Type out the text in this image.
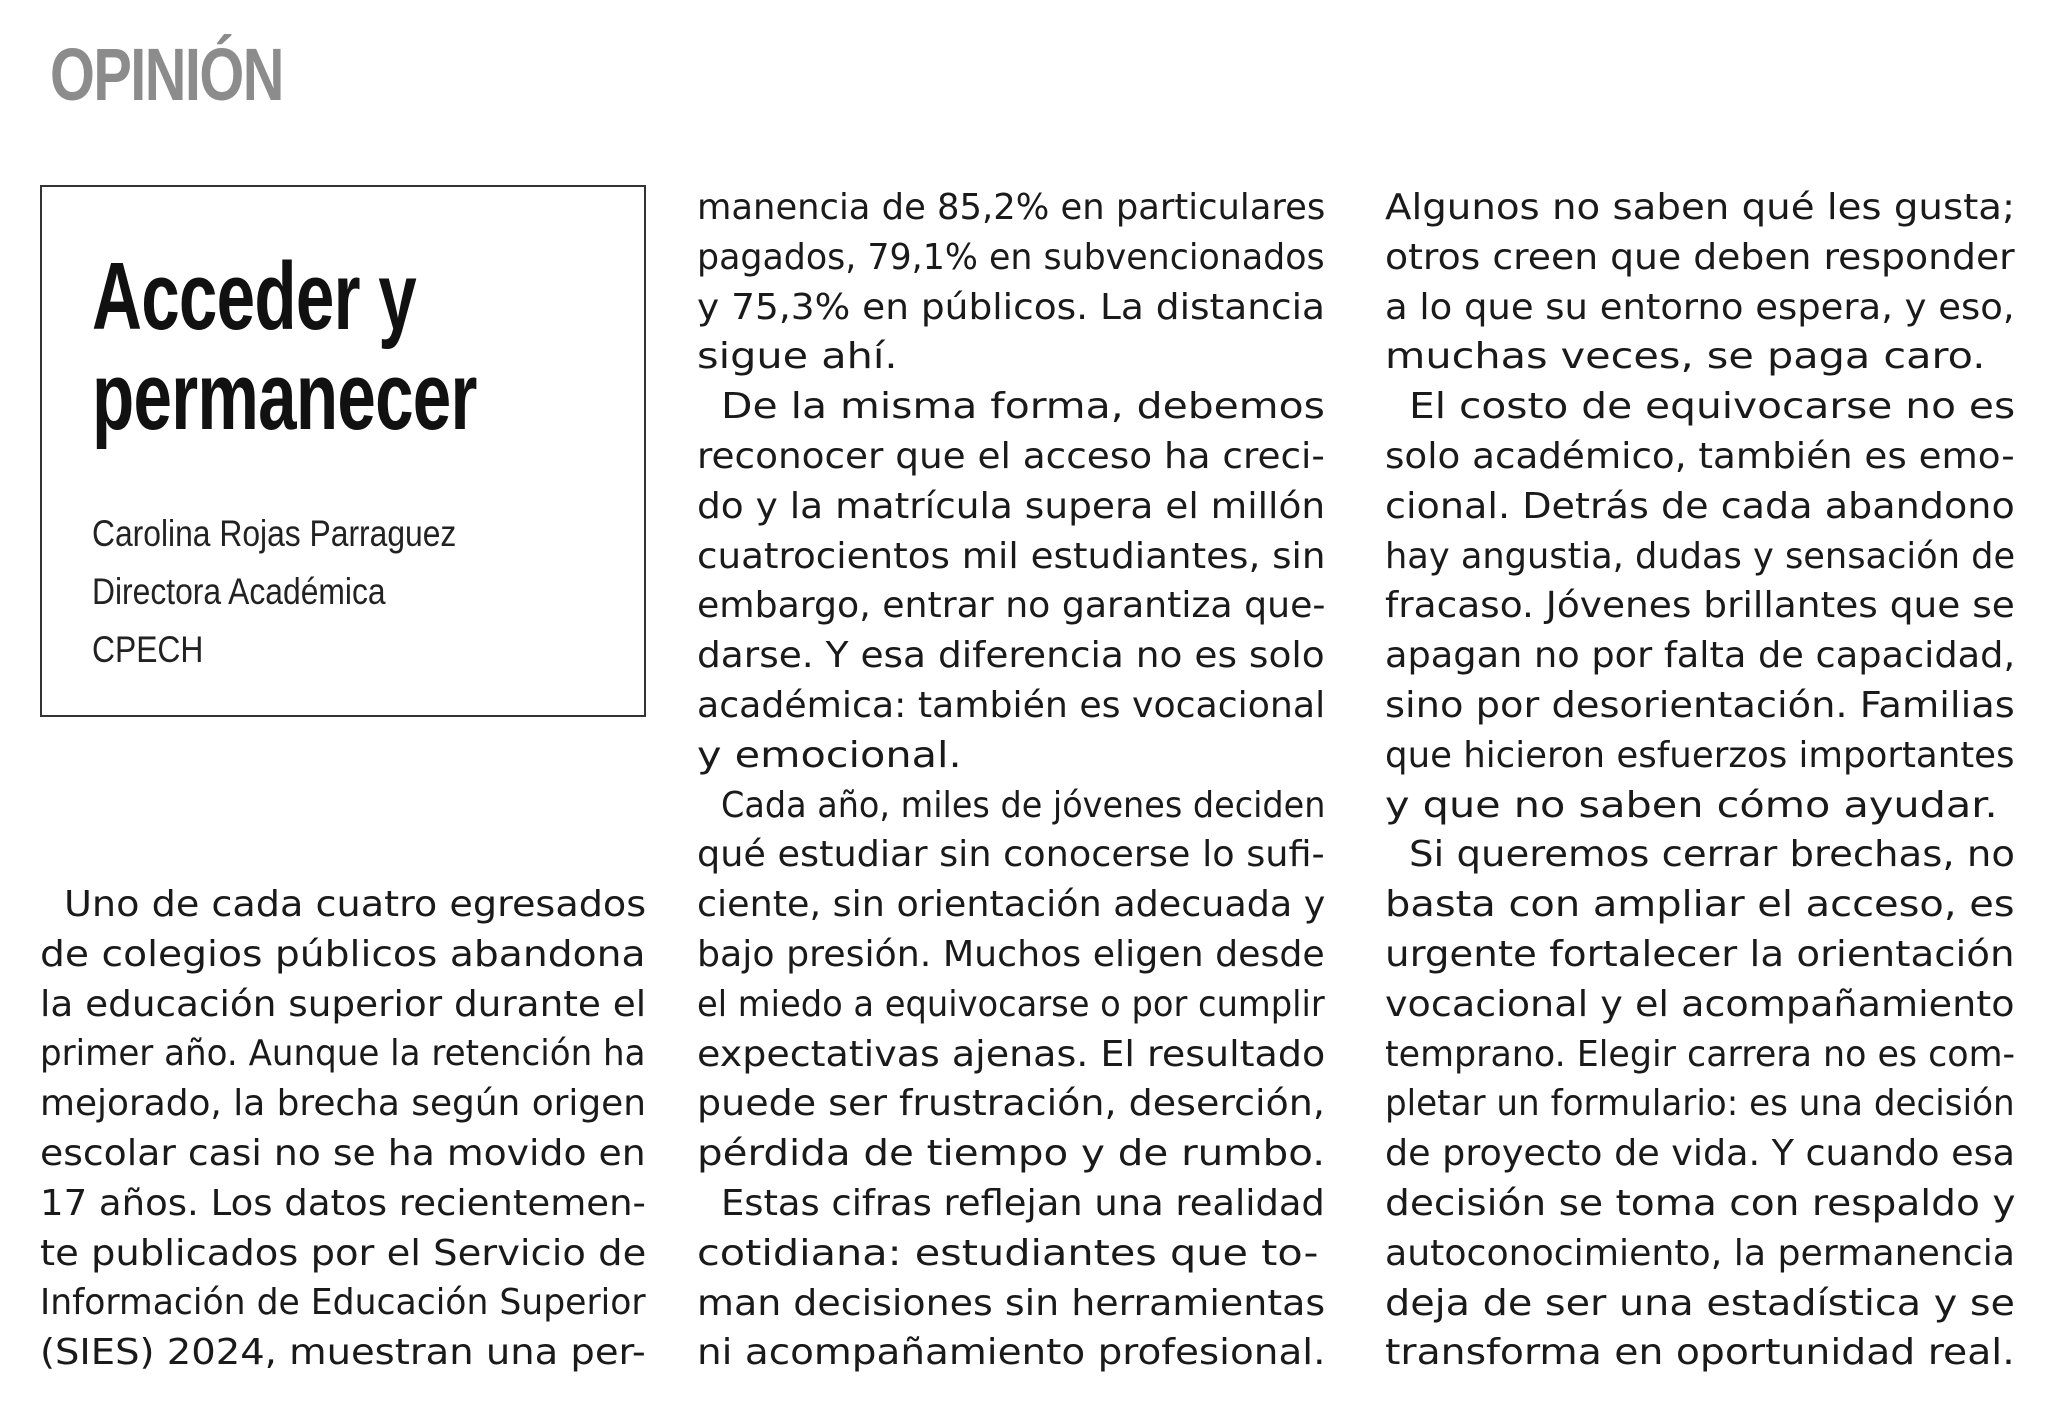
OPINIÓN
Acceder y
permanecer
Carolina Rojas Parraguez
Directora Académica
CPECH
Uno de cada cuatro egresados
de colegios públicos abandona
la educación superior durante el
primer año. Aunque la retención ha
mejorado, la brecha según origen
escolar casi no se ha movido en
17 años. Los datos recientemen-
te publicados por el Servicio de
Información de Educación Superior
(SIES) 2024, muestran una per-
manencia de 85,2% en particulares
pagados, 79,1% en subvencionados
y 75,3% en públicos. La distancia
sigue ahí.
De la misma forma, debemos
reconocer que el acceso ha creci-
do y la matrícula supera el millón
cuatrocientos mil estudiantes, sin
embargo, entrar no garantiza que-
darse. Y esa diferencia no es solo
académica: también es vocacional
y emocional.
Cada año, miles de jóvenes deciden
qué estudiar sin conocerse lo sufi-
ciente, sin orientación adecuada y
bajo presión. Muchos eligen desde
el miedo a equivocarse o por cumplir
expectativas ajenas. El resultado
puede ser frustración, deserción,
pérdida de tiempo y de rumbo.
Estas cifras reflejan una realidad
cotidiana: estudiantes que to-
man decisiones sin herramientas
ni acompañamiento profesional.
Algunos no saben qué les gusta;
otros creen que deben responder
a lo que su entorno espera, y eso,
muchas veces, se paga caro.
El costo de equivocarse no es
solo académico, también es emo-
cional. Detrás de cada abandono
hay angustia, dudas y sensación de
fracaso. Jóvenes brillantes que se
apagan no por falta de capacidad,
sino por desorientación. Familias
que hicieron esfuerzos importantes
y que no saben cómo ayudar.
Si queremos cerrar brechas, no
basta con ampliar el acceso, es
urgente fortalecer la orientación
vocacional y el acompañamiento
temprano. Elegir carrera no es com-
pletar un formulario: es una decisión
de proyecto de vida. Y cuando esa
decisión se toma con respaldo y
autoconocimiento, la permanencia
deja de ser una estadística y se
transforma en oportunidad real.
